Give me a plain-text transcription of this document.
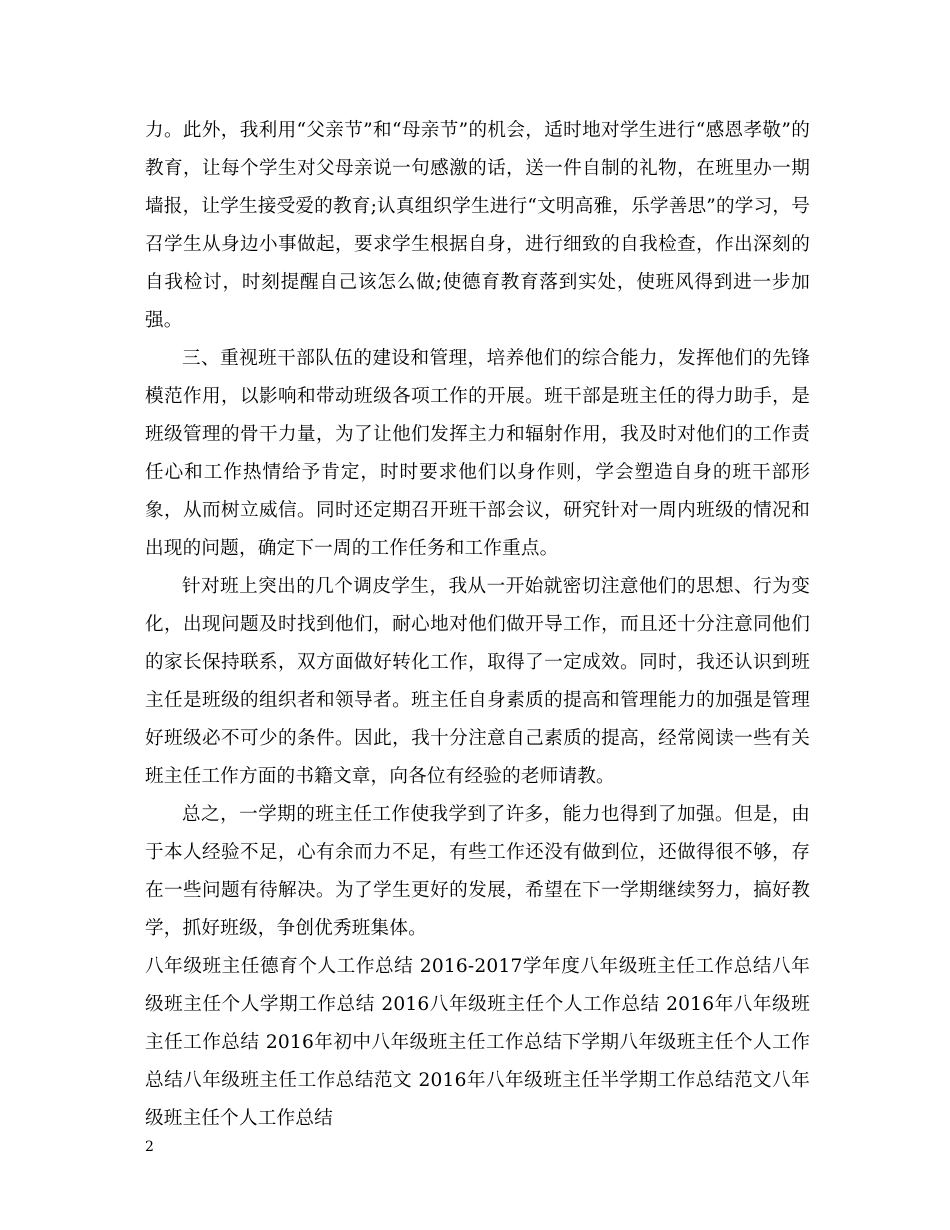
力。此外，我利用“父亲节”和“母亲节”的机会，适时地对学生进行“感恩孝敬”的教育，让每个学生对父母亲说一句感激的话，送一件自制的礼物，在班里办一期墙报，让学生接受爱的教育;认真组织学生进行“文明高雅，乐学善思”的学习，号召学生从身边小事做起，要求学生根据自身，进行细致的自我检查，作出深刻的自我检讨，时刻提醒自己该怎么做;使德育教育落到实处，使班风得到进一步加强。

三、重视班干部队伍的建设和管理，培养他们的综合能力，发挥他们的先锋模范作用，以影响和带动班级各项工作的开展。班干部是班主任的得力助手，是班级管理的骨干力量，为了让他们发挥主力和辐射作用，我及时对他们的工作责任心和工作热情给予肯定，时时要求他们以身作则，学会塑造自身的班干部形象，从而树立威信。同时还定期召开班干部会议，研究针对一周内班级的情况和出现的问题，确定下一周的工作任务和工作重点。

针对班上突出的几个调皮学生，我从一开始就密切注意他们的思想、行为变化，出现问题及时找到他们，耐心地对他们做开导工作，而且还十分注意同他们的家长保持联系，双方面做好转化工作，取得了一定成效。同时，我还认识到班主任是班级的组织者和领导者。班主任自身素质的提高和管理能力的加强是管理好班级必不可少的条件。因此，我十分注意自己素质的提高，经常阅读一些有关班主任工作方面的书籍文章，向各位有经验的老师请教。

总之，一学期的班主任工作使我学到了许多，能力也得到了加强。但是，由于本人经验不足，心有余而力不足，有些工作还没有做到位，还做得很不够，存在一些问题有待解决。为了学生更好的发展，希望在下一学期继续努力，搞好教学，抓好班级，争创优秀班集体。

八年级班主任德育个人工作总结 2016-2017学年度八年级班主任工作总结八年级班主任个人学期工作总结 2016八年级班主任个人工作总结 2016年八年级班主任工作总结 2016年初中八年级班主任工作总结下学期八年级班主任个人工作总结八年级班主任工作总结范文 2016年八年级班主任半学期工作总结范文八年级班主任个人工作总结

2
